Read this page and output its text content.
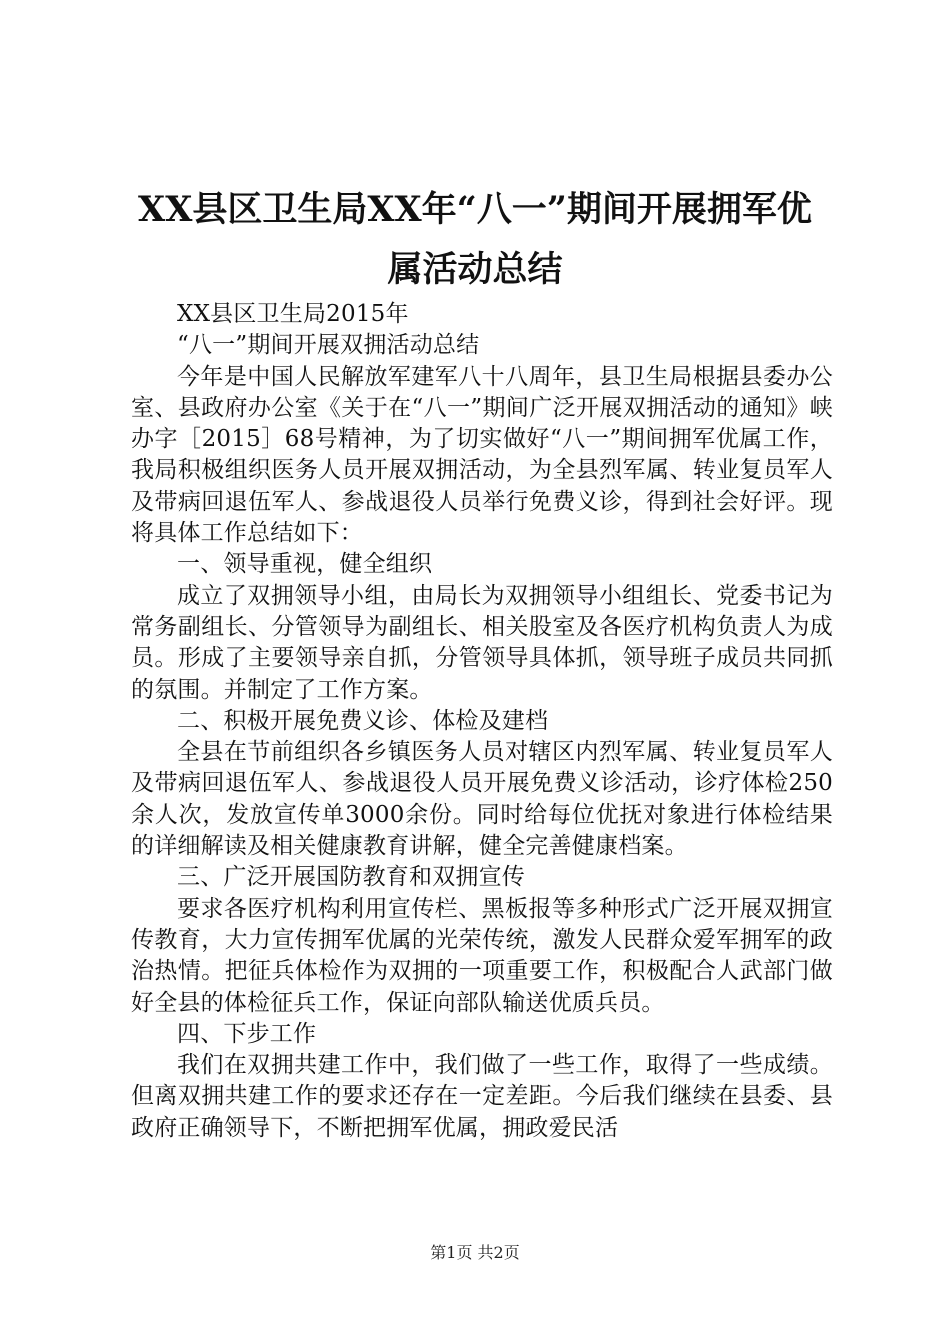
XX县区卫生局XX年“八一”期间开展拥军优
属活动总结

XX县区卫生局2015年

“八一”期间开展双拥活动总结

今年是中国人民解放军建军八十八周年，县卫生局根据县委办公室、县政府办公室《关于在“八一”期间广泛开展双拥活动的通知》峡办字［2015］68号精神，为了切实做好“八一”期间拥军优属工作，我局积极组织医务人员开展双拥活动，为全县烈军属、转业复员军人及带病回退伍军人、参战退役人员举行免费义诊，得到社会好评。现将具体工作总结如下：

一、领导重视，健全组织

成立了双拥领导小组，由局长为双拥领导小组组长、党委书记为常务副组长、分管领导为副组长、相关股室及各医疗机构负责人为成员。形成了主要领导亲自抓，分管领导具体抓，领导班子成员共同抓的氛围。并制定了工作方案。

二、积极开展免费义诊、体检及建档

全县在节前组织各乡镇医务人员对辖区内烈军属、转业复员军人及带病回退伍军人、参战退役人员开展免费义诊活动，诊疗体检250余人次，发放宣传单3000余份。同时给每位优抚对象进行体检结果的详细解读及相关健康教育讲解，健全完善健康档案。

三、广泛开展国防教育和双拥宣传

要求各医疗机构利用宣传栏、黑板报等多种形式广泛开展双拥宣传教育，大力宣传拥军优属的光荣传统，激发人民群众爱军拥军的政治热情。把征兵体检作为双拥的一项重要工作，积极配合人武部门做好全县的体检征兵工作，保证向部队输送优质兵员。

四、下步工作

我们在双拥共建工作中，我们做了一些工作，取得了一些成绩。但离双拥共建工作的要求还存在一定差距。今后我们继续在县委、县政府正确领导下，不断把拥军优属，拥政爱民活

第1页 共2页
